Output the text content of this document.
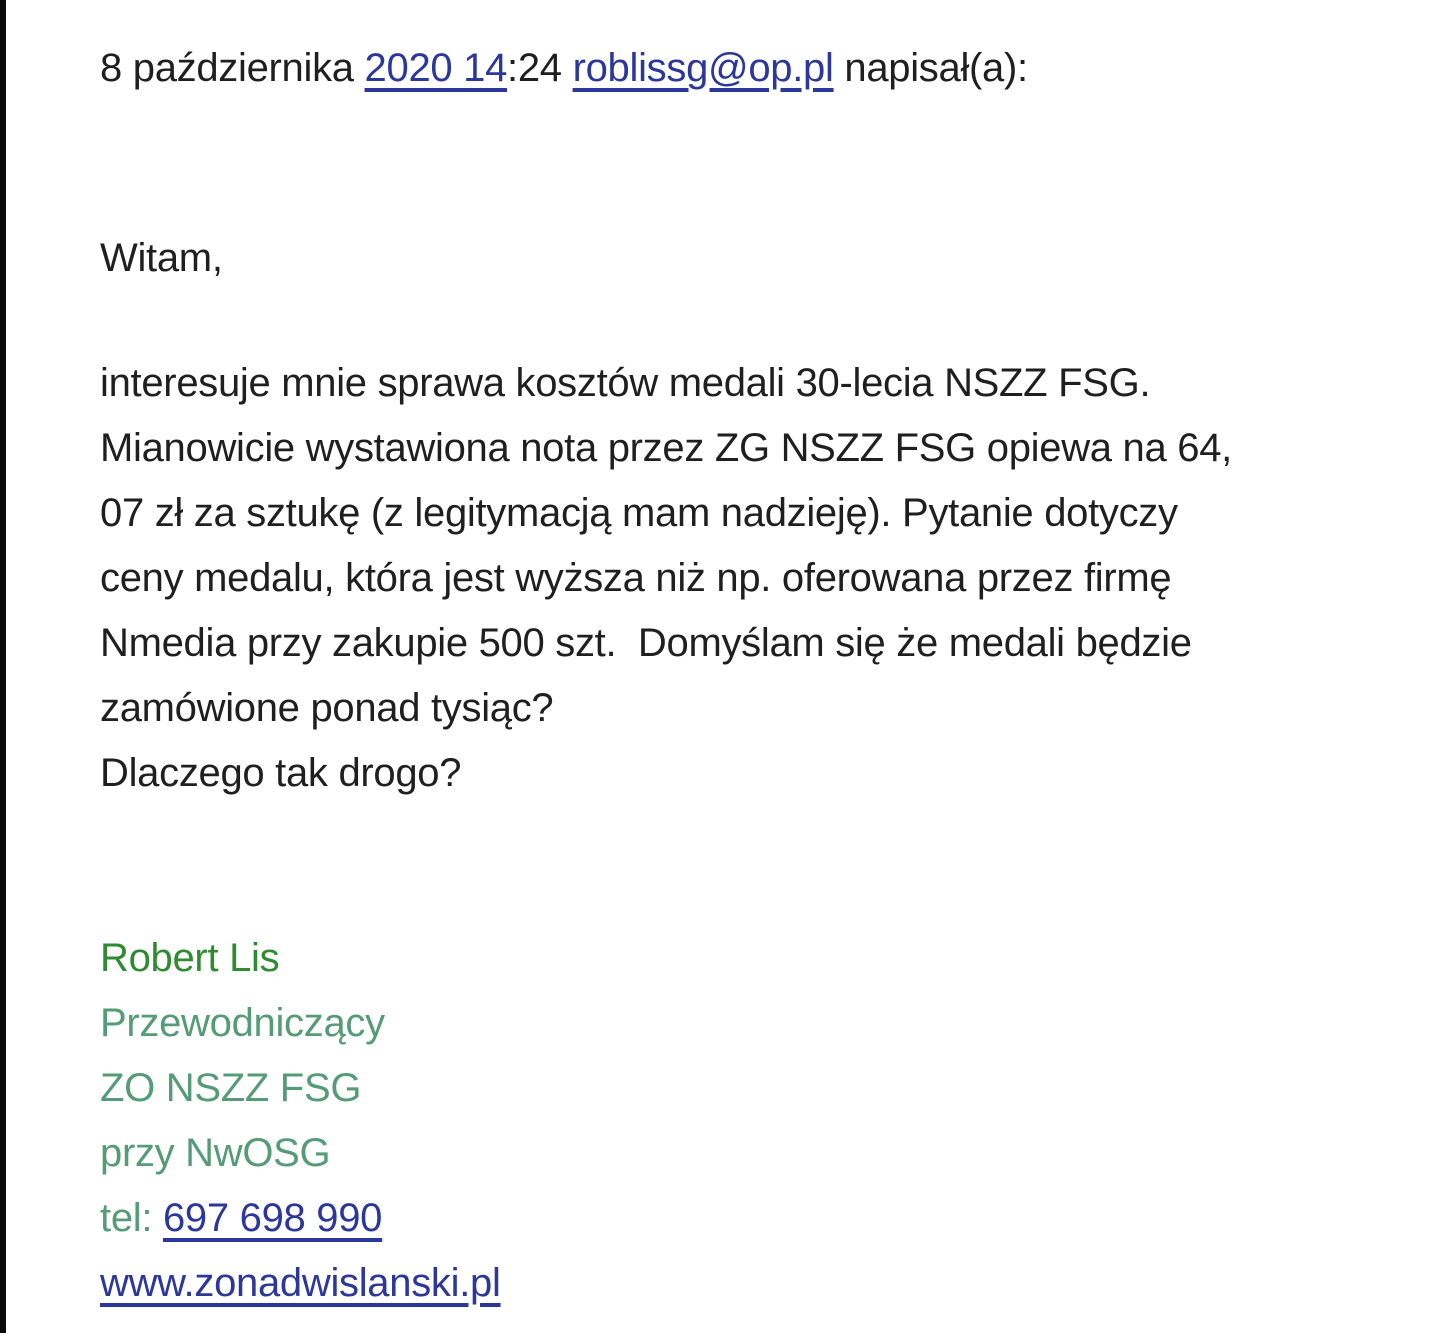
8 października 2020 14:24 roblissg@op.pl napisał(a):
Witam,
interesuje mnie sprawa kosztów medali 30-lecia NSZZ FSG.
Mianowicie wystawiona nota przez ZG NSZZ FSG opiewa na 64,
07 zł za sztukę (z legitymacją mam nadzieję). Pytanie dotyczy
ceny medalu, która jest wyższa niż np. oferowana przez firmę
Nmedia przy zakupie 500 szt.  Domyślam się że medali będzie
zamówione ponad tysiąc?
Dlaczego tak drogo?
Robert Lis
Przewodniczący
ZO NSZZ FSG
przy NwOSG
tel: 697 698 990
www.zonadwislanski.pl
